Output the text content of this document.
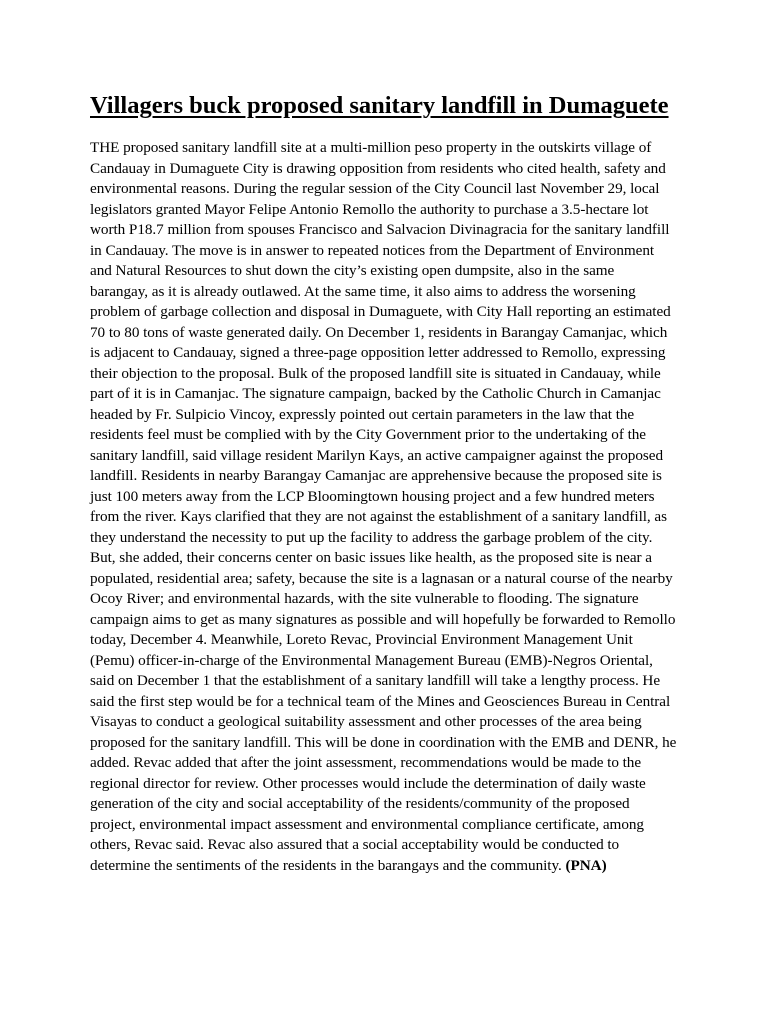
Villagers buck proposed sanitary landfill in Dumaguete
THE proposed sanitary landfill site at a multi-million peso property in the outskirts village of
Candauay in Dumaguete City is drawing opposition from residents who cited health, safety and
environmental reasons. During the regular session of the City Council last November 29, local
legislators granted Mayor Felipe Antonio Remollo the authority to purchase a 3.5-hectare lot
worth P18.7 million from spouses Francisco and Salvacion Divinagracia for the sanitary landfill
in Candauay. The move is in answer to repeated notices from the Department of Environment
and Natural Resources to shut down the city’s existing open dumpsite, also in the same
barangay, as it is already outlawed. At the same time, it also aims to address the worsening
problem of garbage collection and disposal in Dumaguete, with City Hall reporting an estimated
70 to 80 tons of waste generated daily. On December 1, residents in Barangay Camanjac, which
is adjacent to Candauay, signed a three-page opposition letter addressed to Remollo, expressing
their objection to the proposal. Bulk of the proposed landfill site is situated in Candauay, while
part of it is in Camanjac. The signature campaign, backed by the Catholic Church in Camanjac
headed by Fr. Sulpicio Vincoy, expressly pointed out certain parameters in the law that the
residents feel must be complied with by the City Government prior to the undertaking of the
sanitary landfill, said village resident Marilyn Kays, an active campaigner against the proposed
landfill. Residents in nearby Barangay Camanjac are apprehensive because the proposed site is
just 100 meters away from the LCP Bloomingtown housing project and a few hundred meters
from the river. Kays clarified that they are not against the establishment of a sanitary landfill, as
they understand the necessity to put up the facility to address the garbage problem of the city.
But, she added, their concerns center on basic issues like health, as the proposed site is near a
populated, residential area; safety, because the site is a lagnasan or a natural course of the nearby
Ocoy River; and environmental hazards, with the site vulnerable to flooding. The signature
campaign aims to get as many signatures as possible and will hopefully be forwarded to Remollo
today, December 4. Meanwhile, Loreto Revac, Provincial Environment Management Unit
(Pemu) officer-in-charge of the Environmental Management Bureau (EMB)-Negros Oriental,
said on December 1 that the establishment of a sanitary landfill will take a lengthy process. He
said the first step would be for a technical team of the Mines and Geosciences Bureau in Central
Visayas to conduct a geological suitability assessment and other processes of the area being
proposed for the sanitary landfill. This will be done in coordination with the EMB and DENR, he
added. Revac added that after the joint assessment, recommendations would be made to the
regional director for review. Other processes would include the determination of daily waste
generation of the city and social acceptability of the residents/community of the proposed
project, environmental impact assessment and environmental compliance certificate, among
others, Revac said. Revac also assured that a social acceptability would be conducted to
determine the sentiments of the residents in the barangays and the community. (PNA)
